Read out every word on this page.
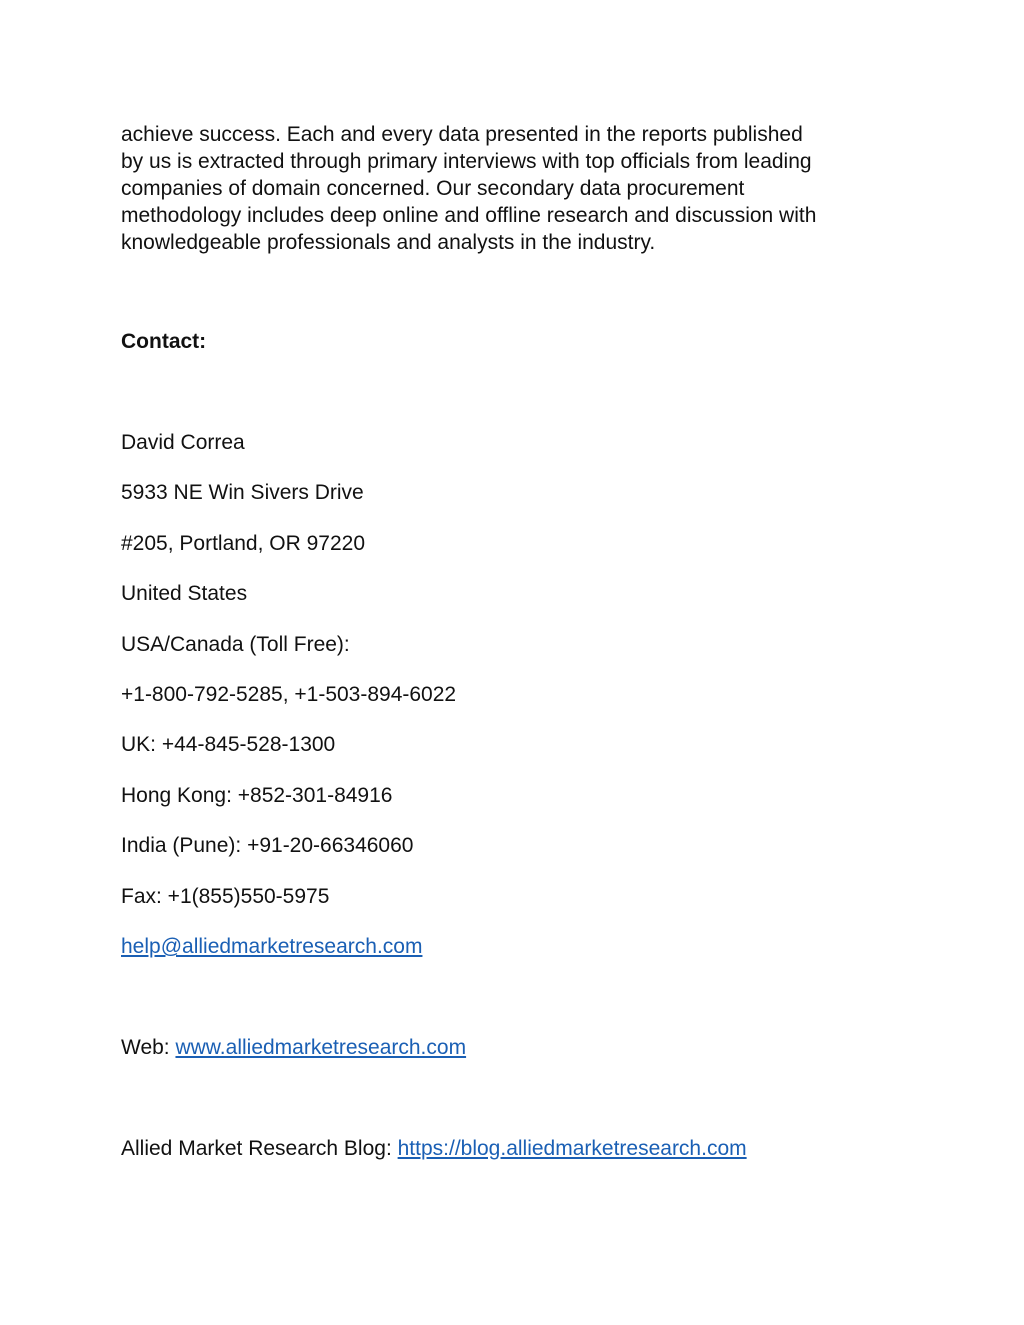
achieve success. Each and every data presented in the reports published
by us is extracted through primary interviews with top officials from leading
companies of domain concerned. Our secondary data procurement
methodology includes deep online and offline research and discussion with
knowledgeable professionals and analysts in the industry.

Contact:

David Correa

5933 NE Win Sivers Drive

#205, Portland, OR 97220

United States

USA/Canada (Toll Free):

+1-800-792-5285, +1-503-894-6022

UK: +44-845-528-1300

Hong Kong: +852-301-84916

India (Pune): +91-20-66346060

Fax: +1(855)550-5975

help@alliedmarketresearch.com

Web: www.alliedmarketresearch.com

Allied Market Research Blog: https://blog.alliedmarketresearch.com
